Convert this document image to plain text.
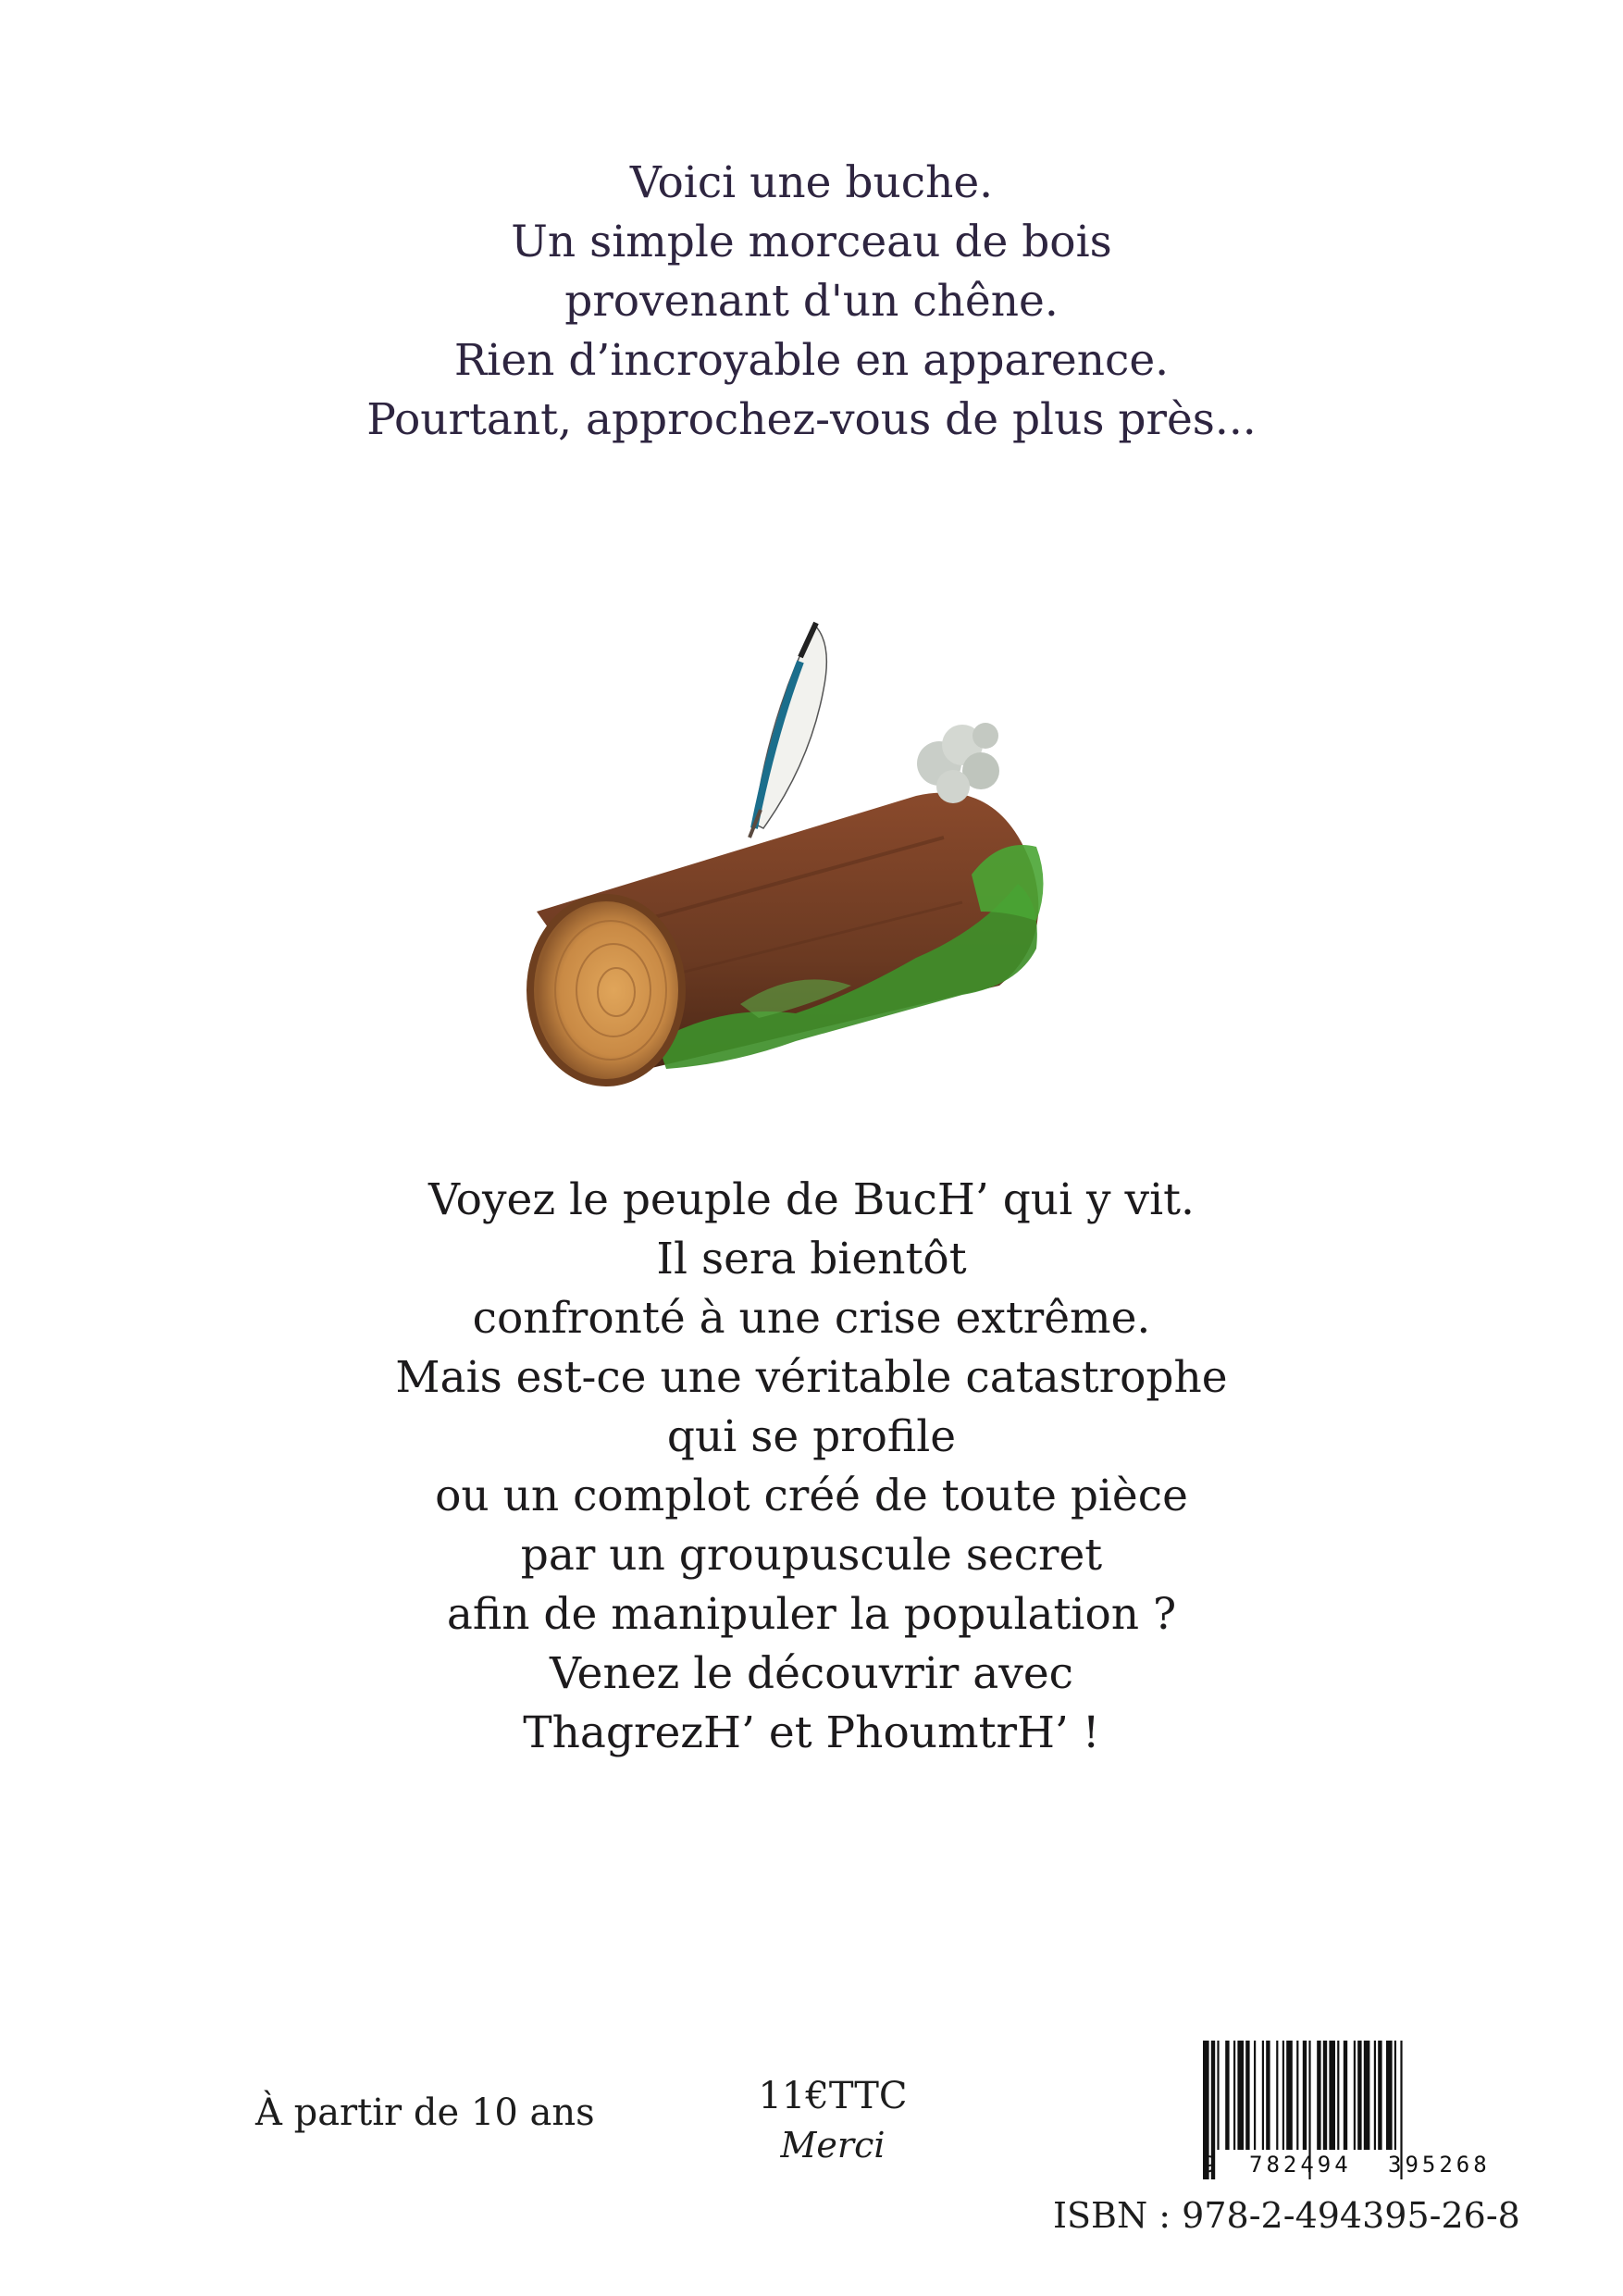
Voici une buche.
Un simple morceau de bois
provenant d'un chêne.
Rien d’incroyable en apparence.
Pourtant, approchez-vous de plus près...
Voyez le peuple de BucH’ qui y vit.
Il sera bientôt
confronté à une crise extrême.
Mais est-ce une véritable catastrophe
qui se profile
ou un complot créé de toute pièce
par un groupuscule secret
afin de manipuler la population ?
Venez le découvrir avec
ThagrezH’ et PhoumtrH’ !
À partir de 10 ans	11€TTC
Merci	9 782494 395268
ISBN : 978-2-494395-26-8
